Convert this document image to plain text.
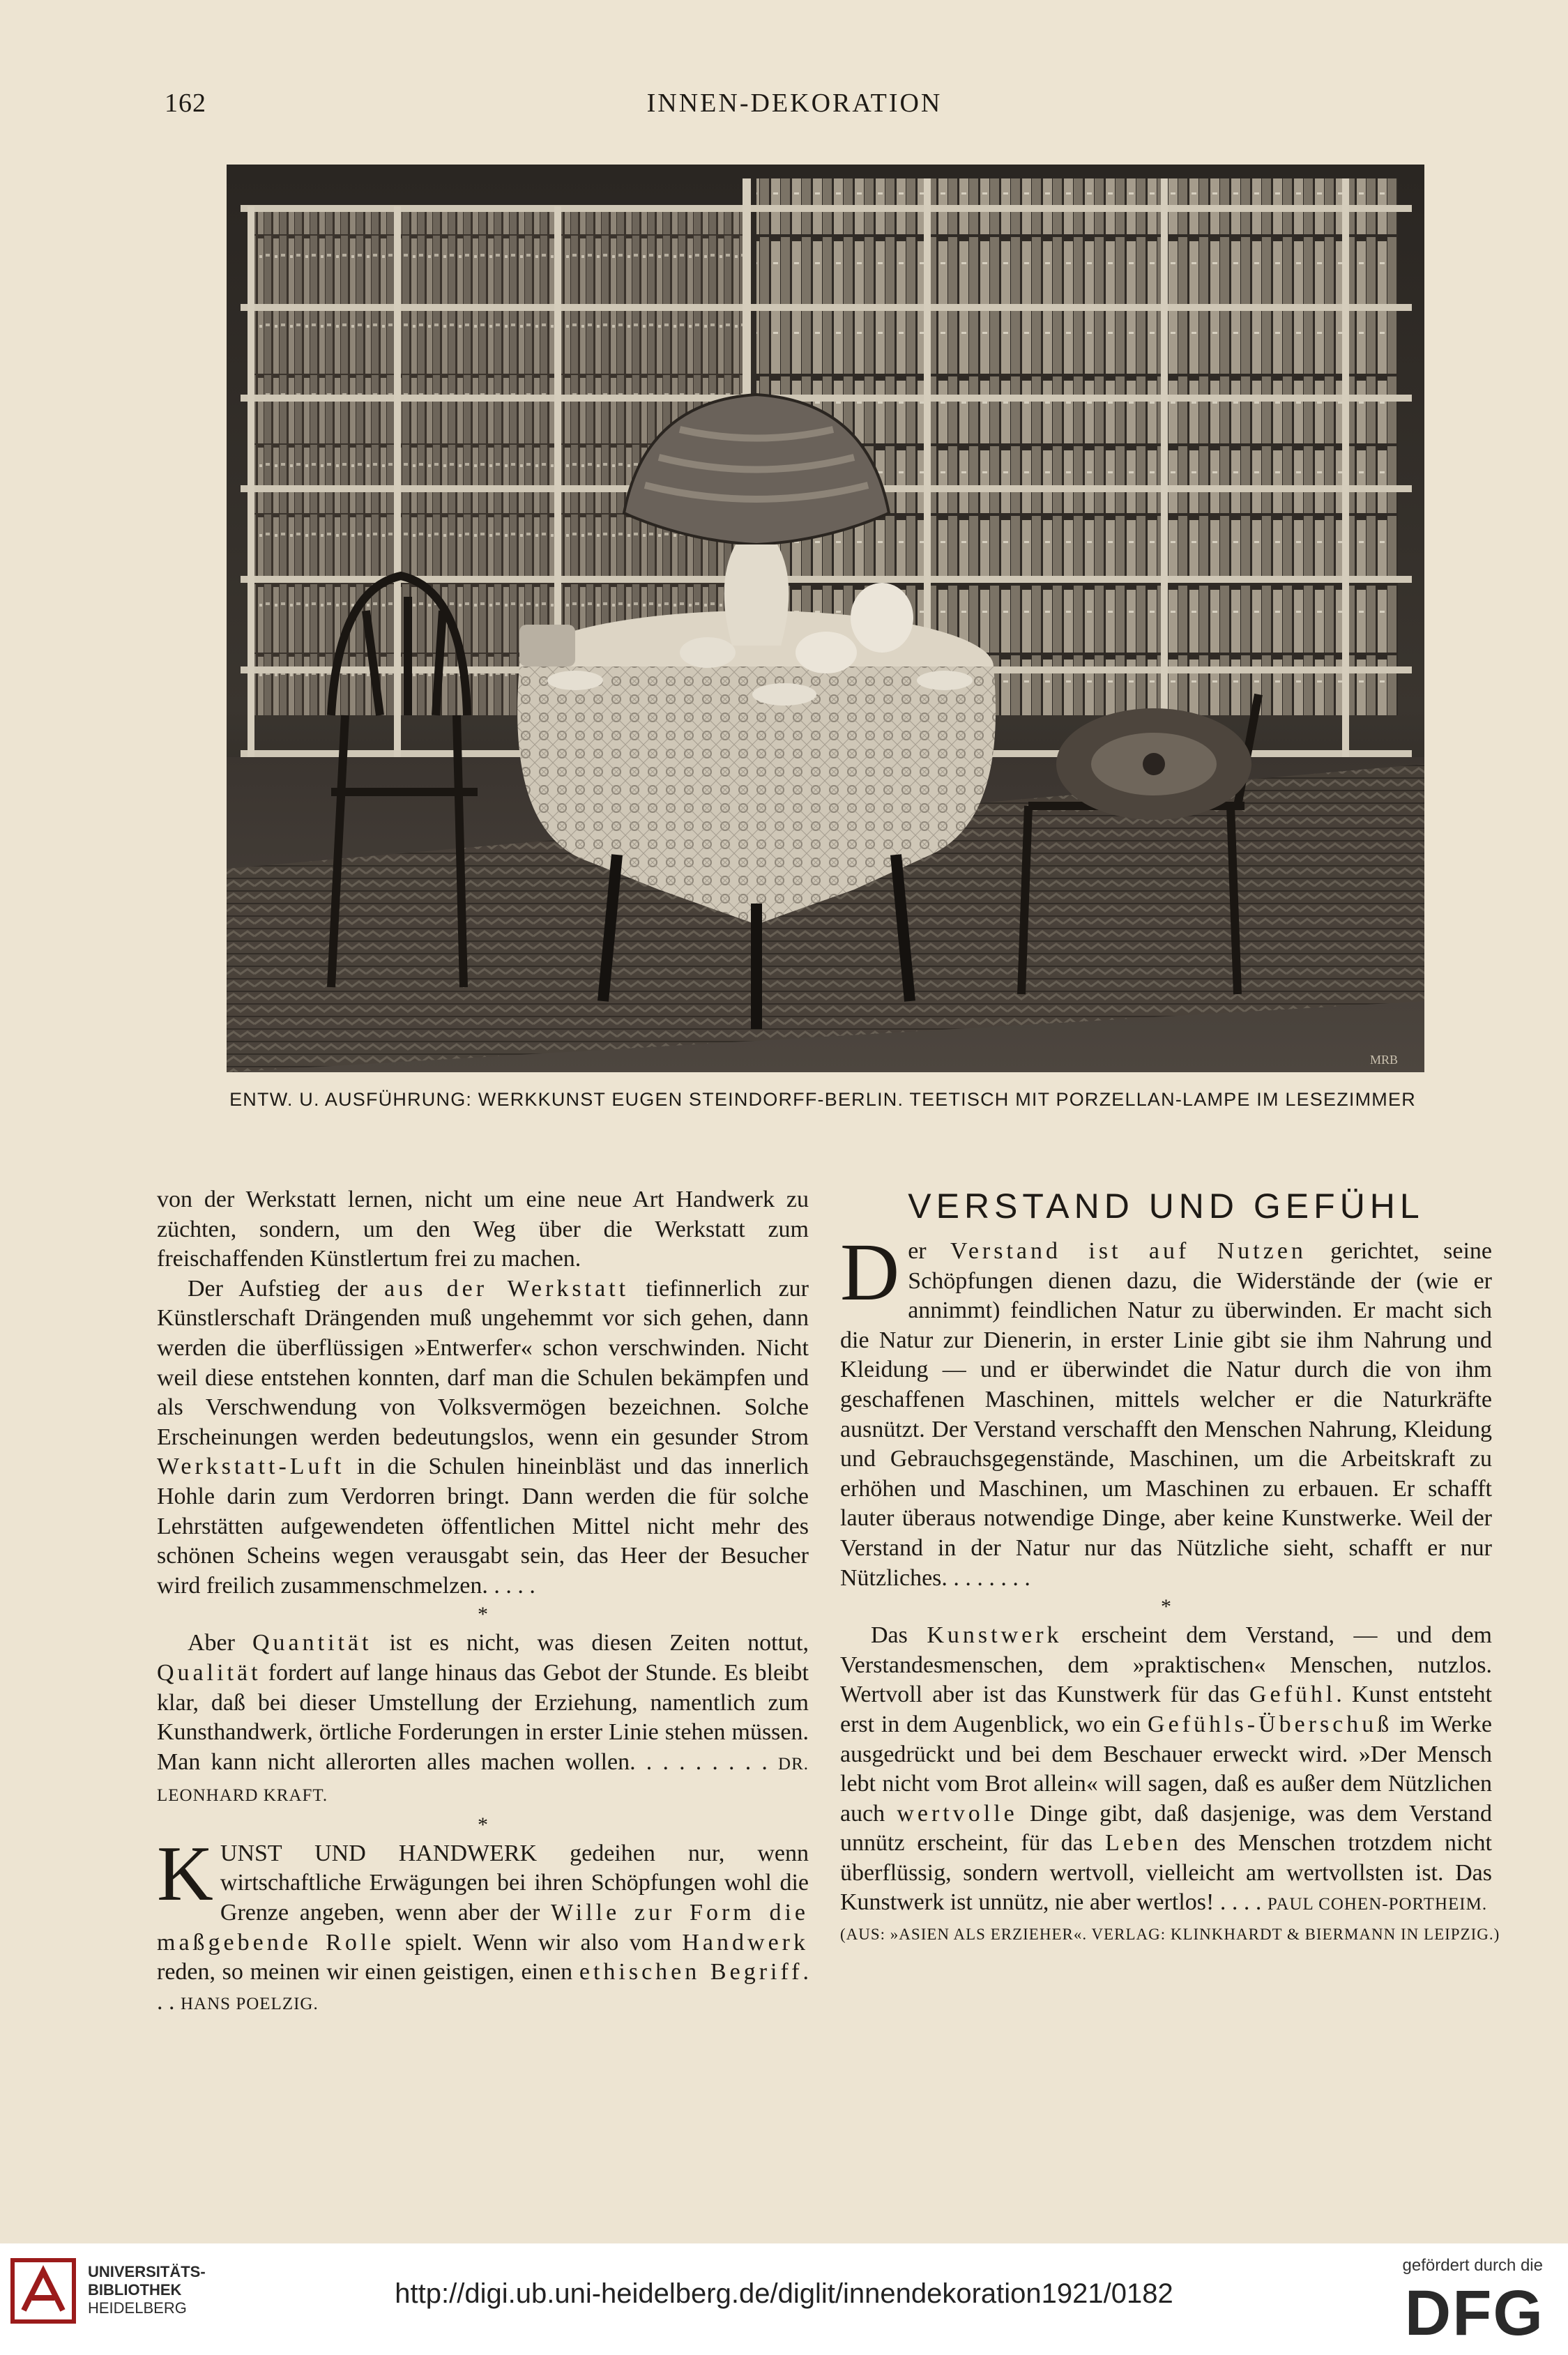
162	INNEN-DEKORATION
MRB
ENTW. U. AUSFÜHRUNG: WERKKUNST EUGEN STEINDORFF-BERLIN. TEETISCH MIT PORZELLAN-LAMPE IM LESEZIMMER

von der Werkstatt lernen, nicht um eine neue Art Handwerk zu züchten, sondern, um den Weg über die Werkstatt zum freischaffenden Künstlertum frei zu machen.

Der Aufstieg der aus der Werkstatt tiefinnerlich zur Künstlerschaft Drängenden muß ungehemmt vor sich gehen, dann werden die überflüssigen »Entwerfer« schon verschwinden. Nicht weil diese entstehen konnten, darf man die Schulen bekämpfen und als Verschwendung von Volksvermögen bezeichnen. Solche Erscheinungen werden bedeutungslos, wenn ein gesunder Strom Werkstatt-Luft in die Schulen hineinbläst und das innerlich Hohle darin zum Verdorren bringt. Dann werden die für solche Lehrstätten aufgewendeten öffentlichen Mittel nicht mehr des schönen Scheins wegen verausgabt sein, das Heer der Besucher wird freilich zusammenschmelzen. . . . .

*

Aber Quantität ist es nicht, was diesen Zeiten nottut, Qualität fordert auf lange hinaus das Gebot der Stunde. Es bleibt klar, daß bei dieser Umstellung der Erziehung, namentlich zum Kunsthandwerk, örtliche Forderungen in erster Linie stehen müssen. Man kann nicht allerorten alles machen wollen. . . . . . . . . DR. LEONHARD KRAFT.

*

KUNST UND HANDWERK gedeihen nur, wenn wirtschaftliche Erwägungen bei ihren Schöpfungen wohl die Grenze angeben, wenn aber der Wille zur Form die maßgebende Rolle spielt. Wenn wir also vom Handwerk reden, so meinen wir einen geistigen, einen ethischen Begriff. . . HANS POELZIG.

VERSTAND UND GEFÜHL

Der Verstand ist auf Nutzen gerichtet, seine Schöpfungen dienen dazu, die Widerstände der (wie er annimmt) feindlichen Natur zu überwinden. Er macht sich die Natur zur Dienerin, in erster Linie gibt sie ihm Nahrung und Kleidung — und er überwindet die Natur durch die von ihm geschaffenen Maschinen, mittels welcher er die Naturkräfte ausnützt. Der Verstand verschafft den Menschen Nahrung, Kleidung und Gebrauchsgegenstände, Maschinen, um die Arbeitskraft zu erhöhen und Maschinen, um Maschinen zu erbauen. Er schafft lauter überaus notwendige Dinge, aber keine Kunstwerke. Weil der Verstand in der Natur nur das Nützliche sieht, schafft er nur Nützliches. . . . . . . .

*

Das Kunstwerk erscheint dem Verstand, — und dem Verstandesmenschen, dem »praktischen« Menschen, nutzlos. Wertvoll aber ist das Kunstwerk für das Gefühl. Kunst entsteht erst in dem Augenblick, wo ein Gefühls-Überschuß im Werke ausgedrückt und bei dem Beschauer erweckt wird. »Der Mensch lebt nicht vom Brot allein« will sagen, daß es außer dem Nützlichen auch wertvolle Dinge gibt, daß dasjenige, was dem Verstand unnütz erscheint, für das Leben des Menschen trotzdem nicht überflüssig, sondern wertvoll, vielleicht am wertvollsten ist. Das Kunstwerk ist unnütz, nie aber wertlos! . . . . PAUL COHEN-PORTHEIM.

(AUS: »ASIEN ALS ERZIEHER«. VERLAG: KLINKHARDT & BIERMANN IN LEIPZIG.)
UNIVERSITÄTS-
BIBLIOTHEK
HEIDELBERG	http://digi.ub.uni-heidelberg.de/diglit/innendekoration1921/0182
gefördert durch die
DFG
